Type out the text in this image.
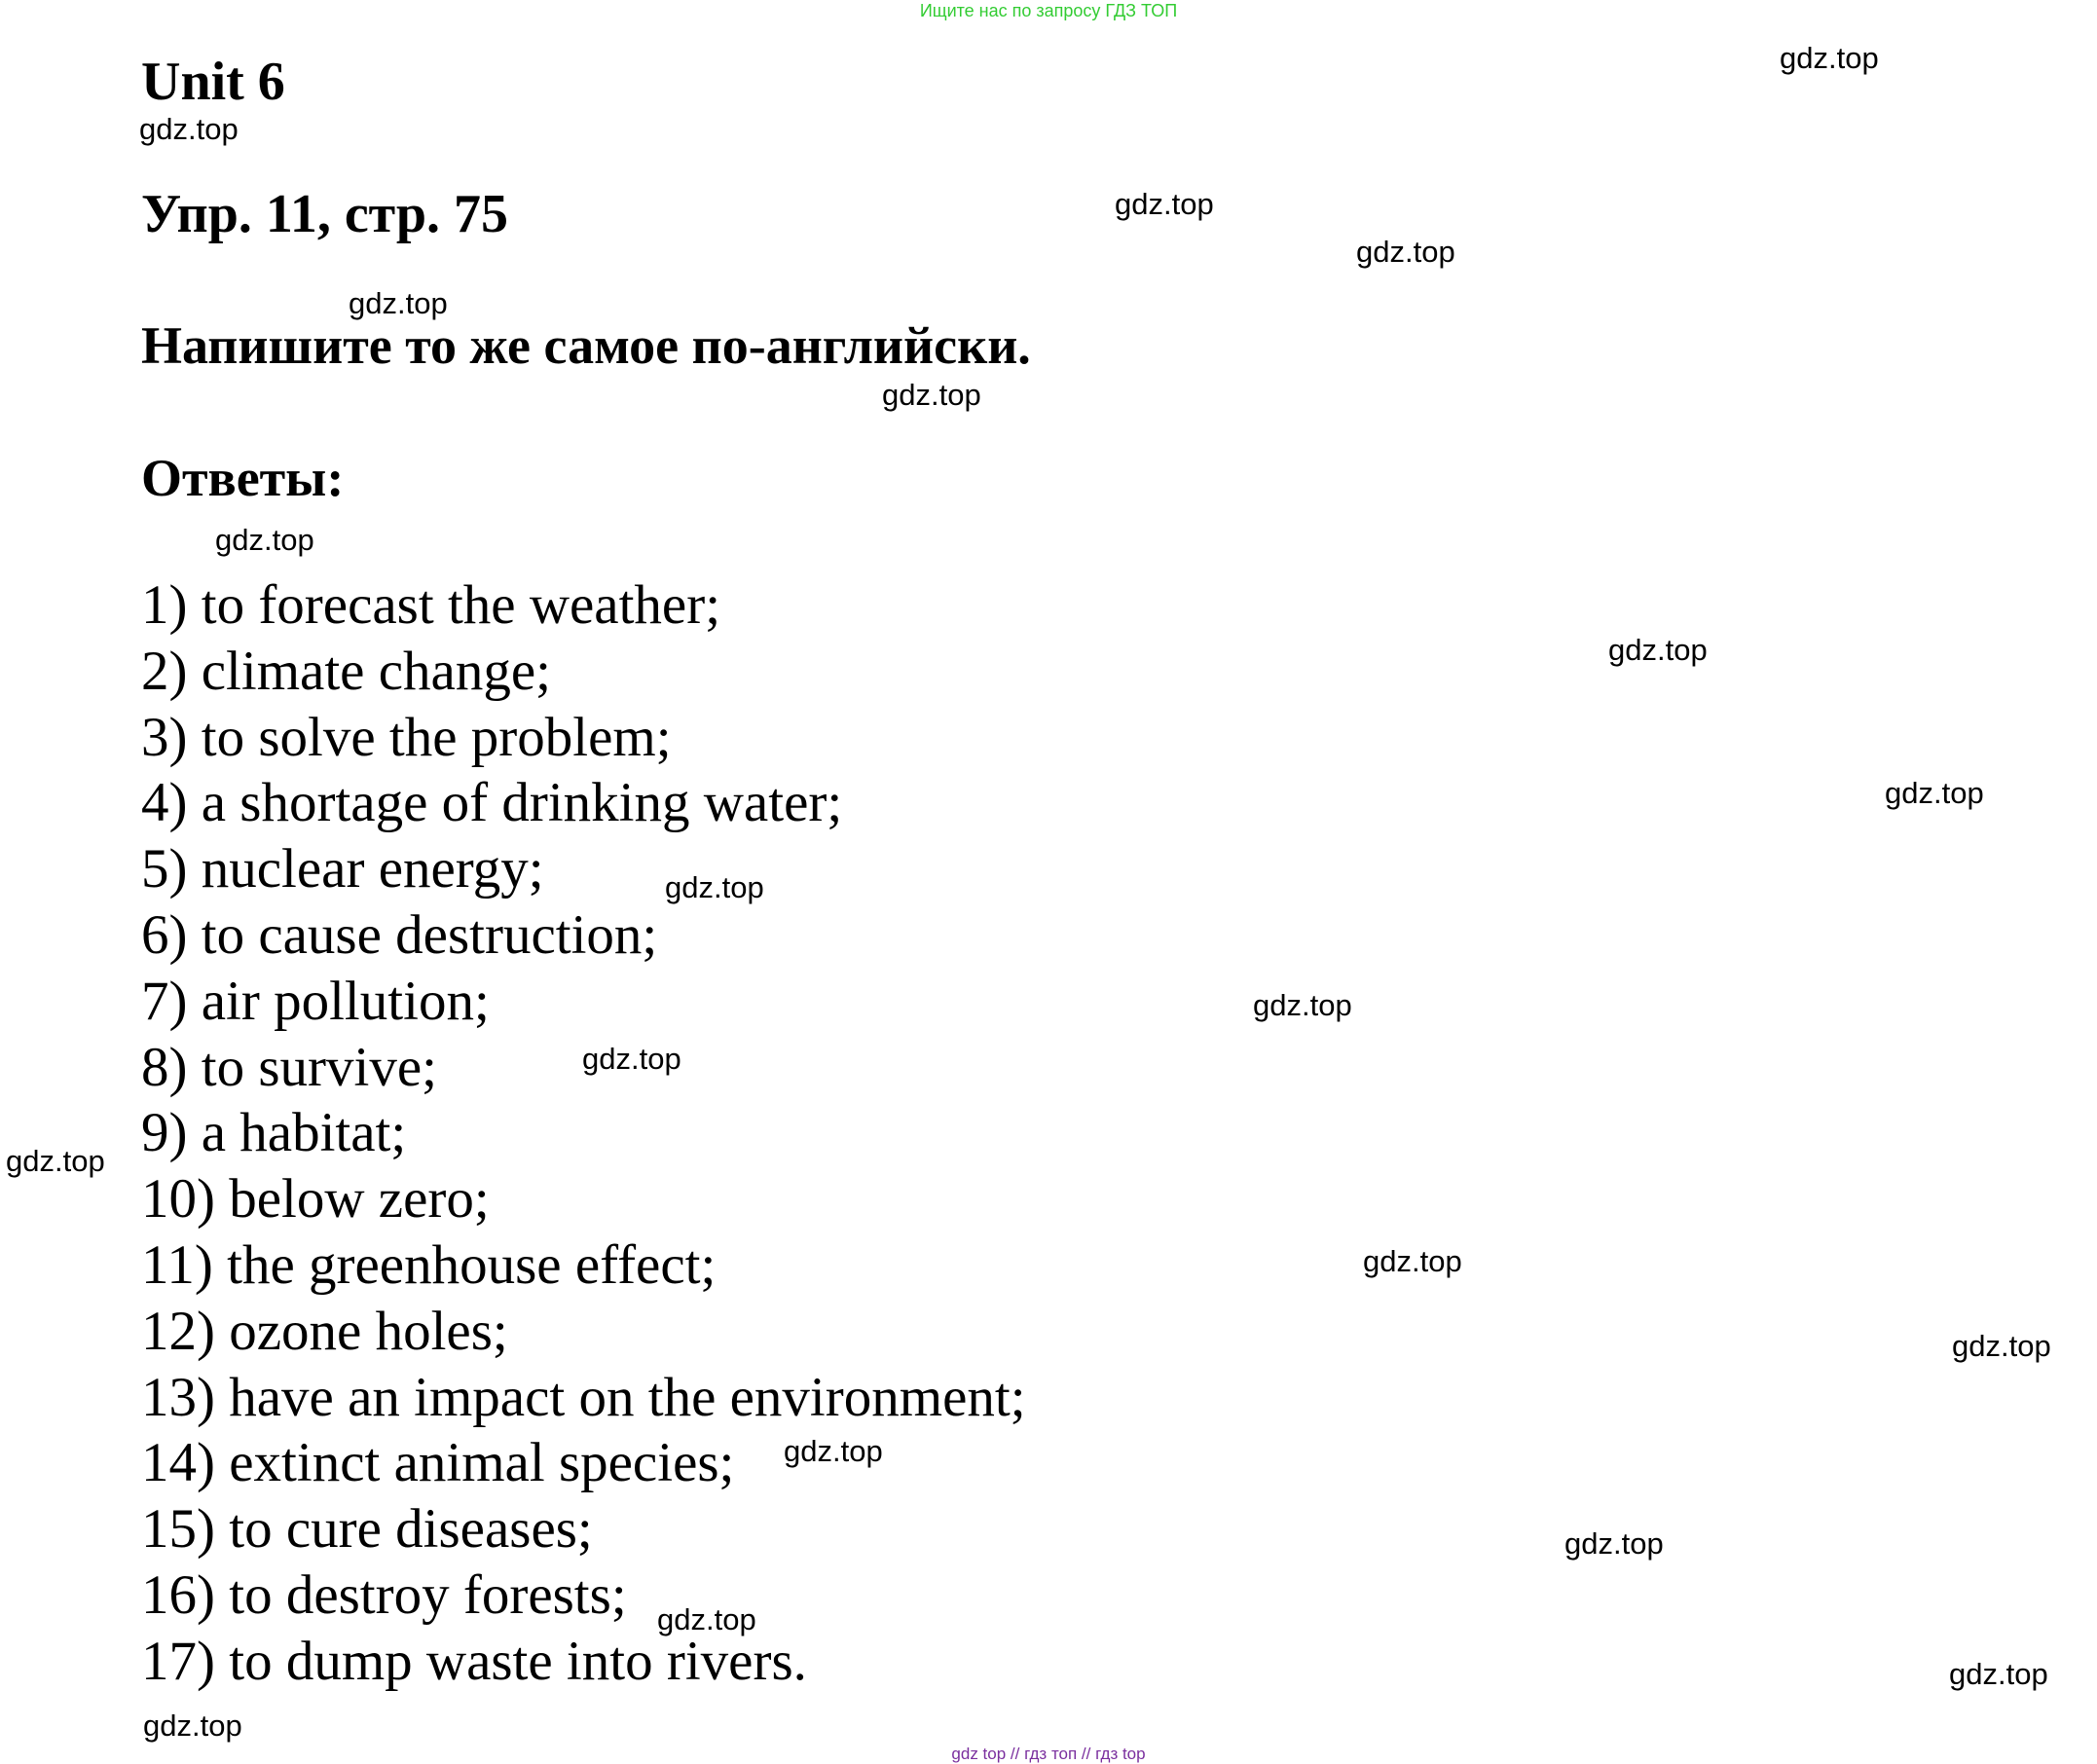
Ищите нас по запросу ГДЗ ТОП
Unit 6
Упр. 11, стр. 75
Напишите то же самое по-английски.
Ответы:
1) to forecast the weather;
2) climate change;
3) to solve the problem;
4) a shortage of drinking water;
5) nuclear energy;
6) to cause destruction;
7) air pollution;
8) to survive;
9) a habitat;
10) below zero;
11) the greenhouse effect;
12) ozone holes;
13) have an impact on the environment;
14) extinct animal species;
15) to cure diseases;
16) to destroy forests;
17) to dump waste into rivers.
gdz.top
gdz.top
gdz.top
gdz.top
gdz.top
gdz.top
gdz.top
gdz.top
gdz.top
gdz.top
gdz.top
gdz.top
gdz.top
gdz.top
gdz.top
gdz.top
gdz.top
gdz.top
gdz.top
gdz.top
gdz top // гдз топ // гдз top
